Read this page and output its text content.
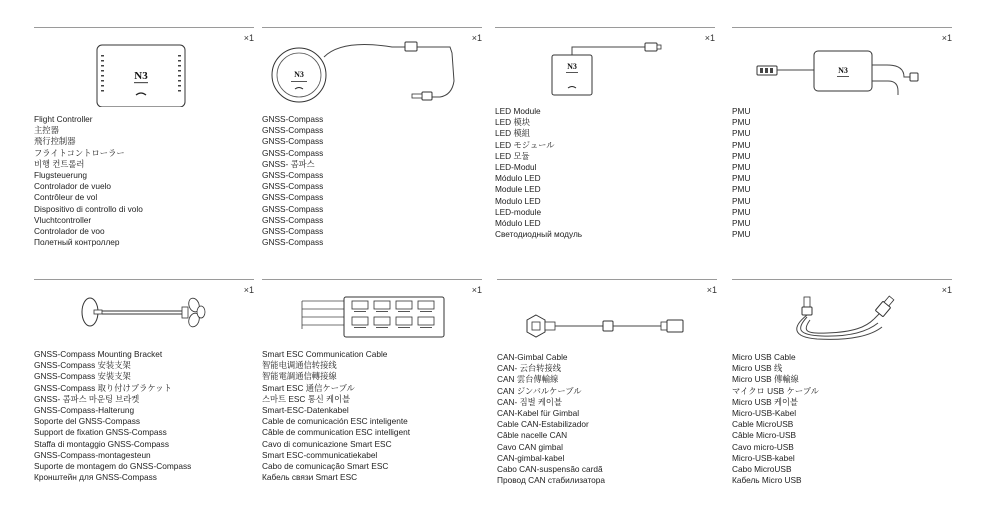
×1
N3
Flight Controller
主控器
飛行控制器
フライトコントローラー
비행 컨트롤러
Flugsteuerung
Controlador de vuelo
Contrôleur de vol
Dispositivo di controllo di volo
Vluchtcontroller
Controlador de voo
Полетный контроллер
×1
N3
GNSS-Compass
GNSS-Compass
GNSS-Compass
GNSS-Compass
GNSS- 콤파스
GNSS-Compass
GNSS-Compass
GNSS-Compass
GNSS-Compass
GNSS-Compass
GNSS-Compass
GNSS-Compass
×1
N3
LED Module
LED 模块
LED 模組
LED モジュール
LED 모듈
LED-Modul
Módulo LED
Module LED
Modulo LED
LED-module
Módulo LED
Светодиодный модуль
×1
N3
PMU
PMU
PMU
PMU
PMU
PMU
PMU
PMU
PMU
PMU
PMU
PMU
×1
GNSS-Compass Mounting Bracket
GNSS-Compass 安装支架
GNSS-Compass 安裝支架
GNSS-Compass 取り付けブラケット
GNSS- 콤파스 마운팅 브라켓
GNSS-Compass-Halterung
Soporte del GNSS-Compass
Support de fixation GNSS-Compass
Staffa di montaggio GNSS-Compass
GNSS-Compass-montagesteun
Suporte de montagem do GNSS-Compass
Кронштейн для GNSS-Compass
×1
Smart ESC Communication Cable
智能电调通信转接线
智能電調通信轉接線
Smart ESC 通信ケーブル
스마트 ESC 통신 케이블
Smart-ESC-Datenkabel
Cable de comunicación ESC inteligente
Câble de communication ESC intelligent
Cavo di comunicazione Smart ESC
Smart ESC-communicatiekabel
Cabo de comunicação Smart ESC
Кабель связи Smart ESC
×1
CAN-Gimbal Cable
CAN- 云台转接线
CAN 雲台傳輸線
CAN ジンバルケーブル
CAN- 짐벌 케이블
CAN-Kabel für Gimbal
Cable CAN-Estabilizador
Câble nacelle CAN
Cavo CAN gimbal
CAN-gimbal-kabel
Cabo CAN-suspensão cardã
Провод CAN стабилизатора
×1
Micro USB Cable
Micro USB 线
Micro USB 傳輸線
マイクロ USB ケーブル
Micro USB 케이블
Micro-USB-Kabel
Cable MicroUSB
Câble Micro-USB
Cavo micro-USB
Micro-USB-kabel
Cabo MicroUSB
Кабель Micro USB
